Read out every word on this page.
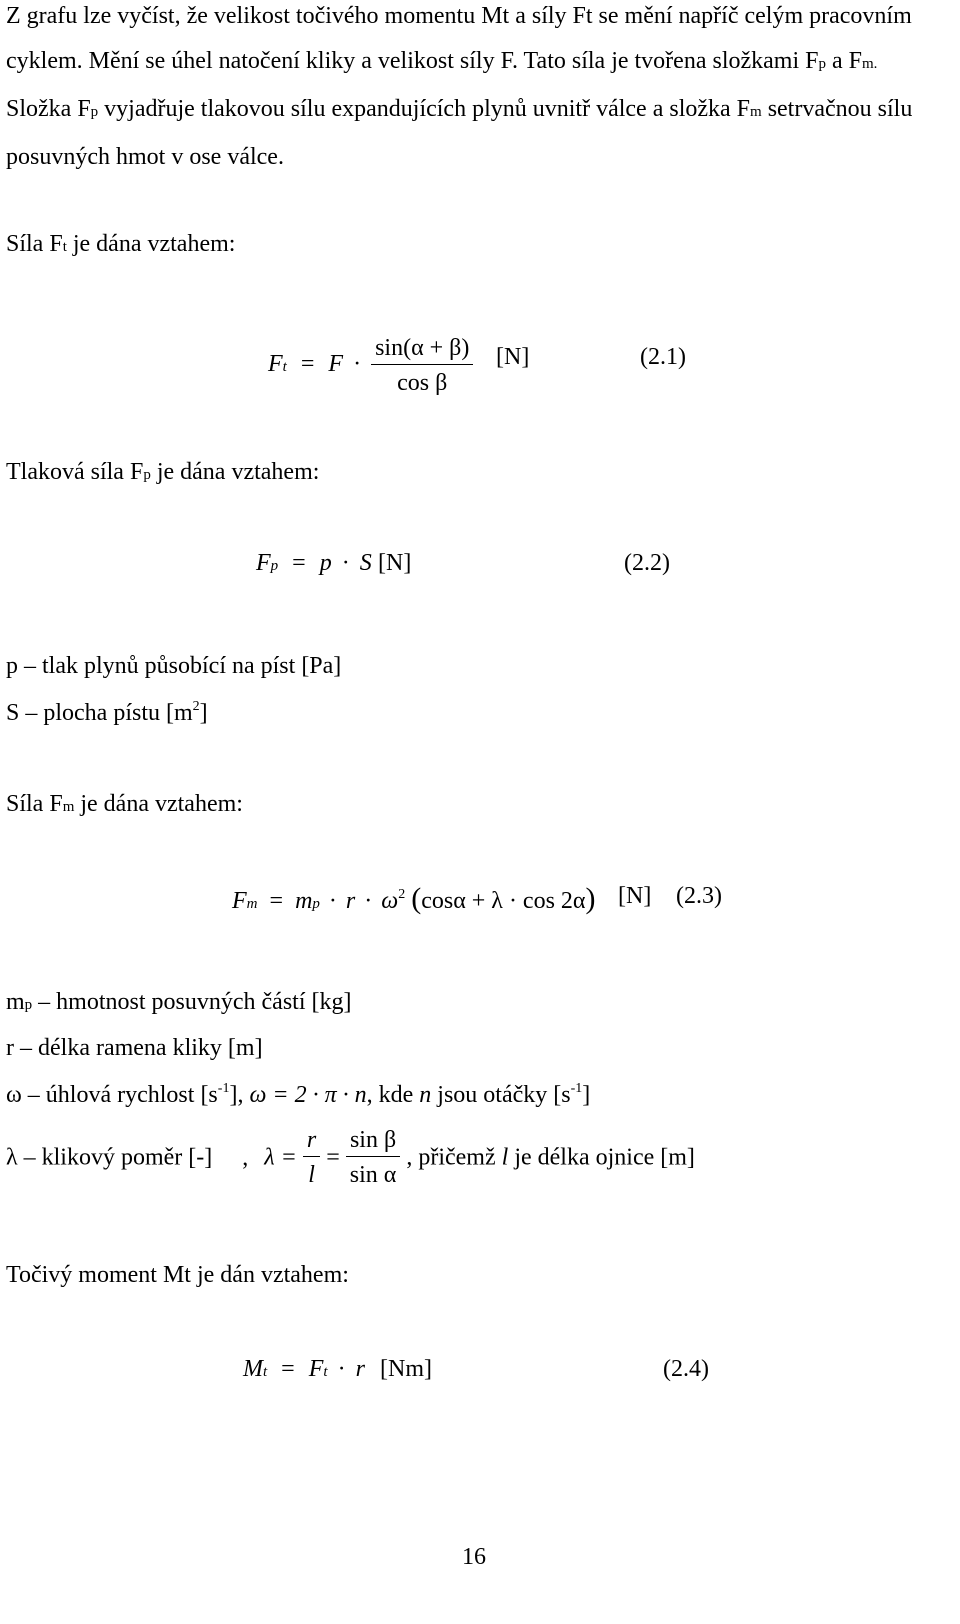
Z grafu lze vyčíst, že velikost točivého momentu Mt a síly Ft se mění napříč celým pracovním cyklem. Mění se úhel natočení kliky a velikost síly F. Tato síla je tvořena složkami Fp a Fm. Složka Fp vyjadřuje tlakovou sílu expandujících plynů uvnitř válce a složka Fm setrvačnou sílu posuvných hmot v ose válce.
Síla Ft je dána vztahem:
$Ft = F \cdot \frac{\sin(\alpha + \beta)}{\text{cos β}} [N]$	(2.1)
Tlaková síla Fp je dána vztahem:
Fp = p · S [N]	(2.2)
p – tlak plynů působící na píst [Pa]
S – plocha pístu $[m^2]$
Síla Fm je dána vztahem:
Fm = mp · $r \cdot \omega^2$ (cosα + λ · cos 2α) [N] (2.3)
mp – hmotnost posuvných částí [kg]
r – délka ramena kliky [m]
ω – úhlová rychlost $[s^{-1}]$, ω = 2 · π · n, kde n jsou otáčky $[s^{-1}]$
λ – klikový poměr [-] , $\lambda = \frac{r}{l} = \frac{\text{sin β}}{\text{sin α}}$ , přičemž l je délka ojnice [m]
Točivý moment Mt je dán vztahem:
Mt = Ft · r [Nm]	(2.4)
16
